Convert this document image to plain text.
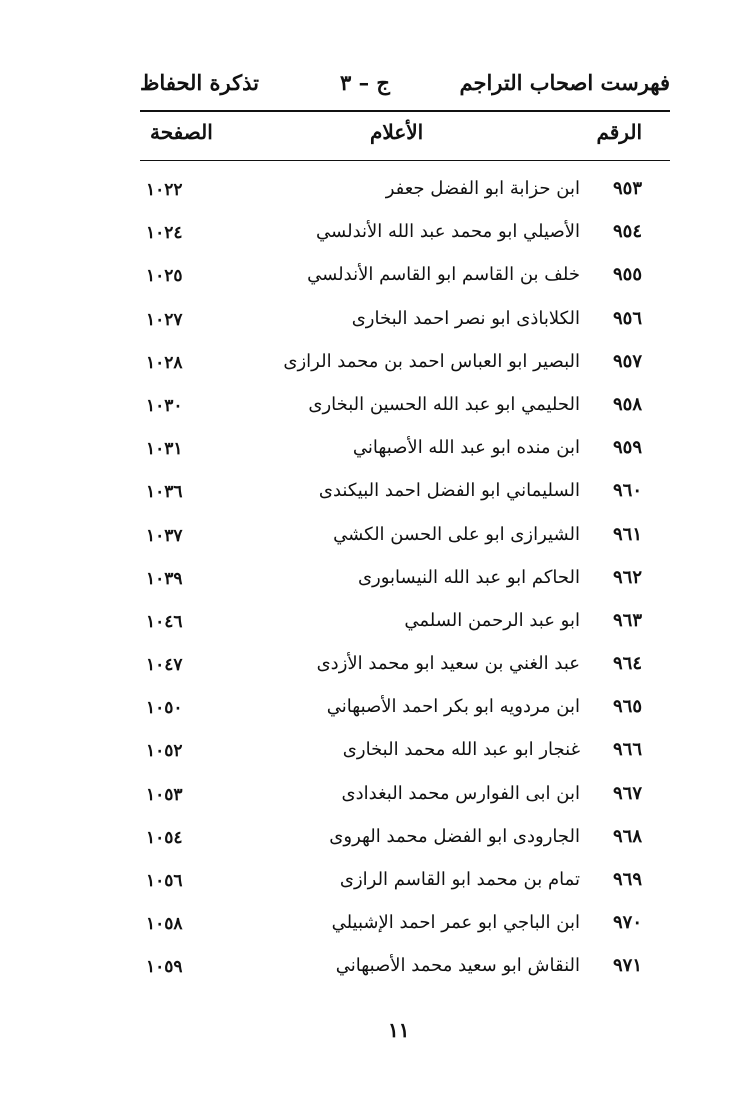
فهرست اصحاب التراجم
ج – ٣
تذكرة الحفاظ
الرقم
الأعلام
الصفحة
٩٥٣
ابن حزابة ابو الفضل جعفر
١٠٢٢
٩٥٤
الأصيلي ابو محمد عبد الله الأندلسي
١٠٢٤
٩٥٥
خلف بن القاسم ابو القاسم الأندلسي
١٠٢٥
٩٥٦
الكلاباذى ابو نصر احمد البخارى
١٠٢٧
٩٥٧
البصير ابو العباس احمد بن محمد الرازى
١٠٢٨
٩٥٨
الحليمي ابو عبد الله الحسين البخارى
١٠٣٠
٩٥٩
ابن منده ابو عبد الله الأصبهاني
١٠٣١
٩٦٠
السليماني ابو الفضل احمد البيكندى
١٠٣٦
٩٦١
الشيرازى ابو على الحسن الكشي
١٠٣٧
٩٦٢
الحاكم ابو عبد الله النيسابورى
١٠٣٩
٩٦٣
ابو عبد الرحمن السلمي
١٠٤٦
٩٦٤
عبد الغني بن سعيد ابو محمد الأزدى
١٠٤٧
٩٦٥
ابن مردويه ابو بكر احمد الأصبهاني
١٠٥٠
٩٦٦
غنجار ابو عبد الله محمد البخارى
١٠٥٢
٩٦٧
ابن ابى الفوارس محمد البغدادى
١٠٥٣
٩٦٨
الجارودى ابو الفضل محمد الهروى
١٠٥٤
٩٦٩
تمام بن محمد ابو القاسم الرازى
١٠٥٦
٩٧٠
ابن الباجي ابو عمر احمد الإشبيلي
١٠٥٨
٩٧١
النقاش ابو سعيد محمد الأصبهاني
١٠٥٩
١١
